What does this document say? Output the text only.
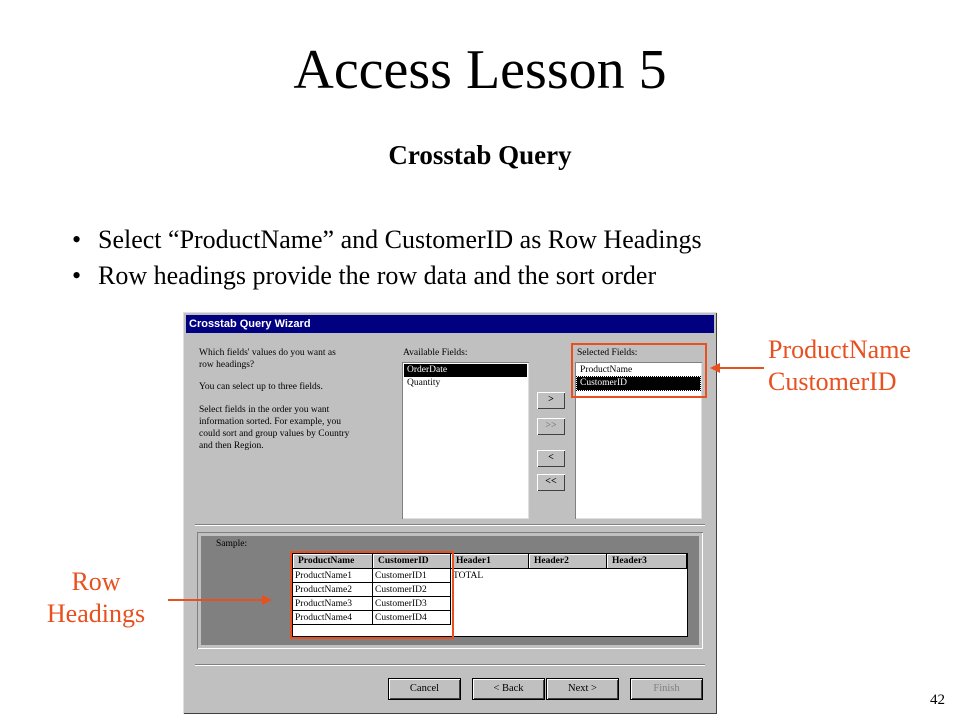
Access Lesson 5
Crosstab Query
• Select “ProductName” and CustomerID as Row Headings
• Row headings provide the row data and the sort order
42
ProductName
CustomerID
Row
Headings
Crosstab Query Wizard
Which fields' values do you want as
row headings?
You can select up to three fields.
Select fields in the order you want
information sorted. For example, you
could sort and group values by Country
and then Region.
Available Fields:
OrderDate
Quantity
>
>>
<
<<
Selected Fields:
ProductName
CustomerID
Sample:
ProductName	CustomerID	Header1	Header2	Header3
ProductName1	CustomerID1	TOTAL
ProductName2	CustomerID2
ProductName3	CustomerID3
ProductName4	CustomerID4
Cancel	< Back	Next >	Finish
